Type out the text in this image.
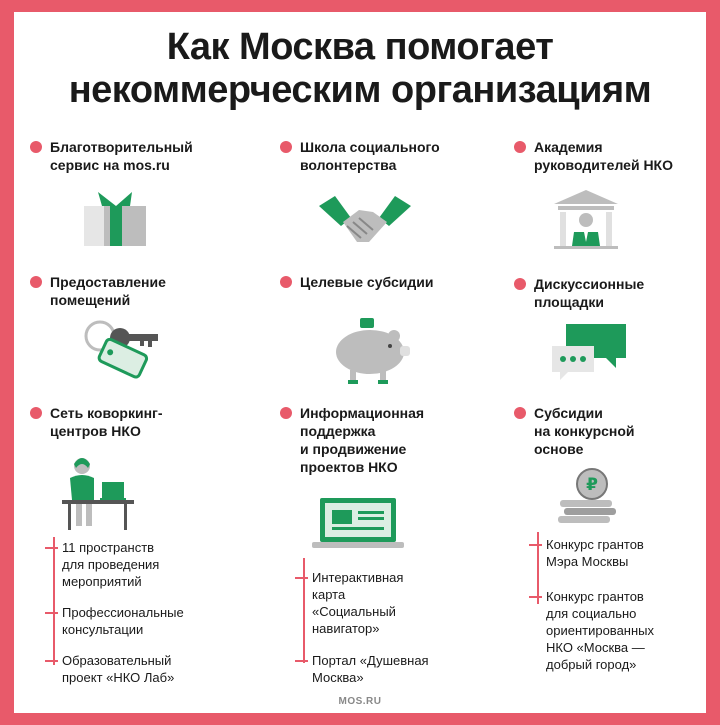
Как Москва помогает
некоммерческим организациям
Благотворительный
сервис на mos.ru
Школа социального
волонтерства
Академия
руководителей НКО
Предоставление
помещений
Целевые субсидии	Дискуссионные
площадки
Сеть коворкинг-
центров НКО
11 пространств
для проведения
мероприятий
Профессиональные
консультации
Образовательный
проект «НКО Лаб»
Информационная
поддержка
и продвижение
проектов НКО
Интерактивная
карта
«Социальный
навигатор»
Портал «Душевная
Москва»
Субсидии
на конкурсной
основе
₽
Конкурс грантов
Мэра Москвы
Конкурс грантов
для социально
ориентированных
НКО «Москва —
добрый город»
MOS.RU
